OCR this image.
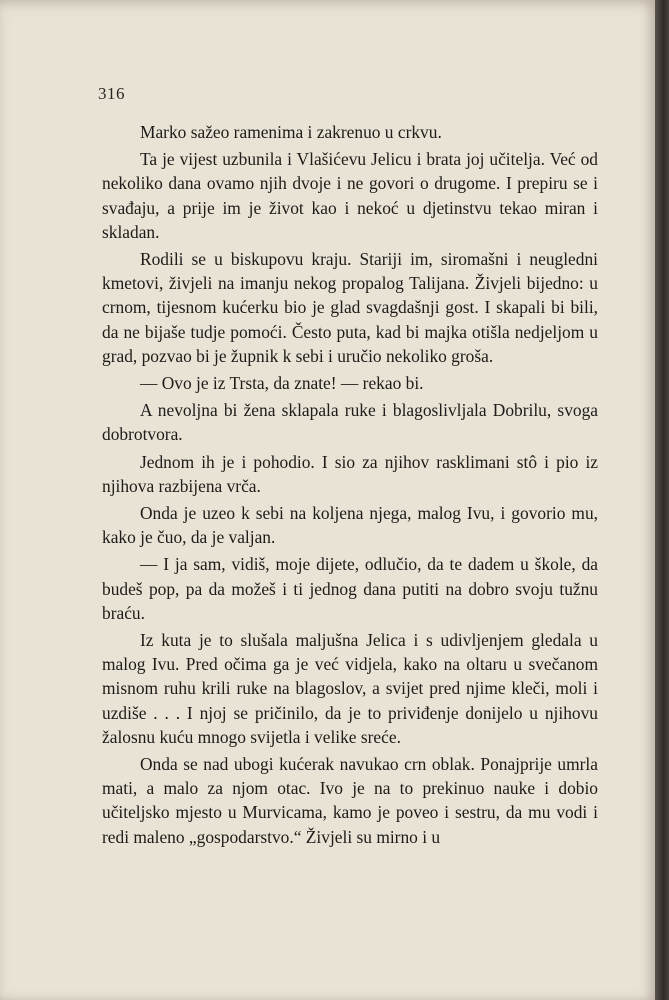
316

Marko sažeo ramenima i zakrenuo u crkvu.

Ta je vijest uzbunila i Vlašićevu Jelicu i brata joj učitelja. Već od nekoliko dana ovamo njih dvoje i ne govori o drugome. I prepiru se i svađaju, a prije im je život kao i nekoć u djetinstvu tekao miran i skladan.

Rodili se u biskupovu kraju. Stariji im, siromašni i neugledni kmetovi, živjeli na imanju nekog propalog Talijana. Živjeli bijedno: u crnom, tijesnom kućerku bio je glad svagdašnji gost. I skapali bi bili, da ne bijaše tudje pomoći. Često puta, kad bi majka otišla nedjeljom u grad, pozvao bi je župnik k sebi i uručio nekoliko groša.

— Ovo je iz Trsta, da znate! — rekao bi.

A nevoljna bi žena sklapala ruke i blagoslivljala Dobrilu, svoga dobrotvora.

Jednom ih je i pohodio. I sio za njihov rasklimani stô i pio iz njihova razbijena vrča.

Onda je uzeo k sebi na koljena njega, malog Ivu, i govorio mu, kako je čuo, da je valjan.

— I ja sam, vidiš, moje dijete, odlučio, da te dadem u škole, da budeš pop, pa da možeš i ti jednog dana putiti na dobro svoju tužnu braću.

Iz kuta je to slušala maljušna Jelica i s udivljenjem gledala u malog Ivu. Pred očima ga je već vidjela, kako na oltaru u svečanom misnom ruhu krili ruke na blagoslov, a svijet pred njime kleči, moli i uzdiše . . . I njoj se pričinilo, da je to priviđenje donijelo u njihovu žalosnu kuću mnogo svijetla i velike sreće.

Onda se nad ubogi kućerak navukao crn oblak. Ponajprije umrla mati, a malo za njom otac. Ivo je na to prekinuo nauke i dobio učiteljsko mjesto u Murvicama, kamo je poveo i sestru, da mu vodi i redi maleno „gospodarstvo.“ Živjeli su mirno i u
